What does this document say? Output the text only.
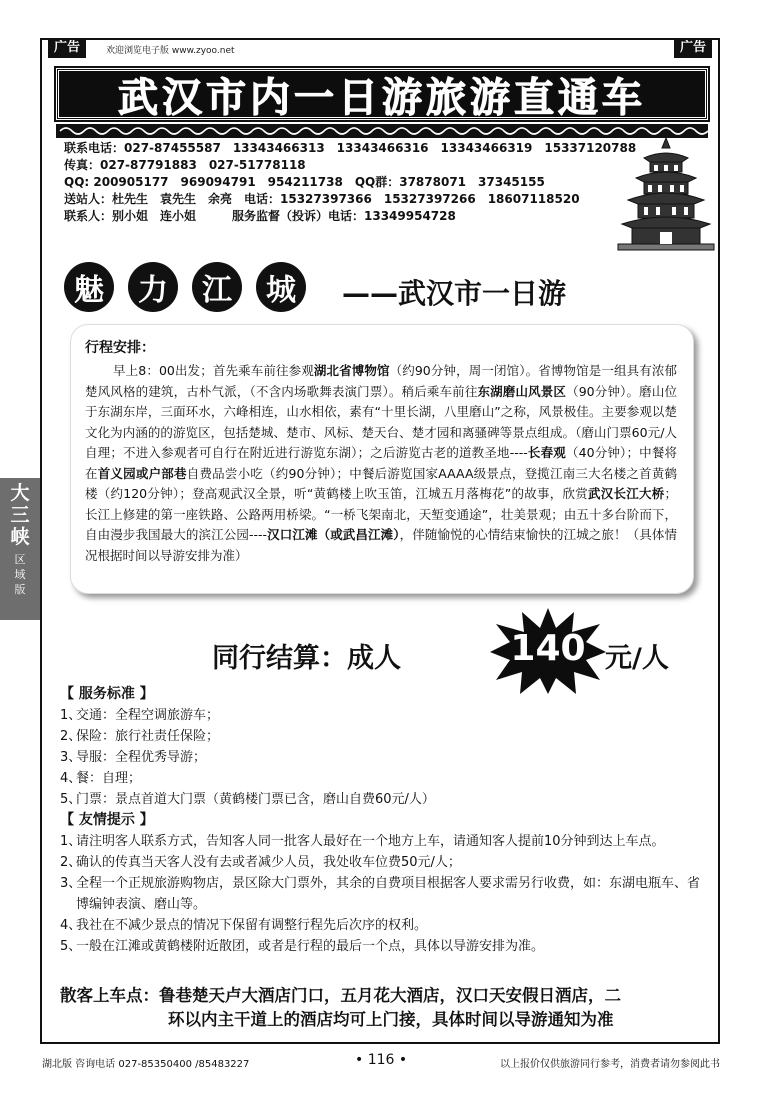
广告	欢迎浏览电子版 www.zyoo.net	广告
武汉市内一日游旅游直通车
联系电话：027-87455587　13343466313　13343466316　13343466319　15337120788
传真：027-87791883　027-51778118
QQ: 200905177　969094791　954211738　QQ群：37878071　37345155
送站人：杜先生　袁先生　余亮　电话：15327397366　15327397266　18607118520
联系人：别小姐　连小姐　　　服务监督（投诉）电话：13349954728
魅	力	江	城	——武汉市一日游
行程安排：
早上8：00出发；首先乘车前往参观湖北省博物馆（约90分钟，周一闭馆）。省博物馆是一组具有浓郁楚风风格的建筑，古朴气派，（不含内场歌舞表演门票）。稍后乘车前往东湖磨山风景区（90分钟）。磨山位于东湖东岸，三面环水，六峰相连，山水相依，素有“十里长湖，八里磨山”之称，风景极佳。主要参观以楚文化为内涵的的游览区，包括楚城、楚市、风标、楚天台、楚才园和离骚碑等景点组成。（磨山门票60元/人自理；不进入参观者可自行在附近进行游览东湖）；之后游览古老的道教圣地----长春观（40分钟）；中餐将在首义园或户部巷自费品尝小吃（约90分钟）；中餐后游览国家AAAA级景点，登揽江南三大名楼之首黄鹤楼（约120分钟）；登高观武汉全景，听“黄鹤楼上吹玉笛，江城五月落梅花”的故事，欣赏武汉长江大桥；长江上修建的第一座铁路、公路两用桥梁。“一桥飞架南北，天堑变通途”，壮美景观；由五十多台阶而下，自由漫步我国最大的滨江公园----汉口江滩（或武昌江滩），伴随愉悦的心情结束愉快的江城之旅！（具体情况根据时间以导游安排为准）
同行结算：成人	140 元/人
【 服务标准 】
1、
交通：全程空调旅游车；
2、
保险：旅行社责任保险；
3、
导服：全程优秀导游；
4、
餐：自理；
5、
门票：景点首道大门票（黄鹤楼门票已含，磨山自费60元/人）
【 友情提示 】
1、
请注明客人联系方式，告知客人同一批客人最好在一个地方上车，请通知客人提前10分钟到达上车点。
2、
确认的传真当天客人没有去或者减少人员，我处收车位费50元/人；
3、
全程一个正规旅游购物店，景区除大门票外，其余的自费项目根据客人要求需另行收费，如：东湖电瓶车、省博编钟表演、磨山等。
4、
我社在不减少景点的情况下保留有调整行程先后次序的权利。
5、
一般在江滩或黄鹤楼附近散团，或者是行程的最后一个点，具体以导游安排为准。
散客上车点：鲁巷楚天卢大酒店门口，五月花大酒店，汉口天安假日酒店，二
环以内主干道上的酒店均可上门接，具体时间以导游通知为准
湖北版 咨询电话 027-85350400 /85483227	• 116 •	以上报价仅供旅游同行参考，消费者请勿参阅此书
大
三
峡
区
域
版
